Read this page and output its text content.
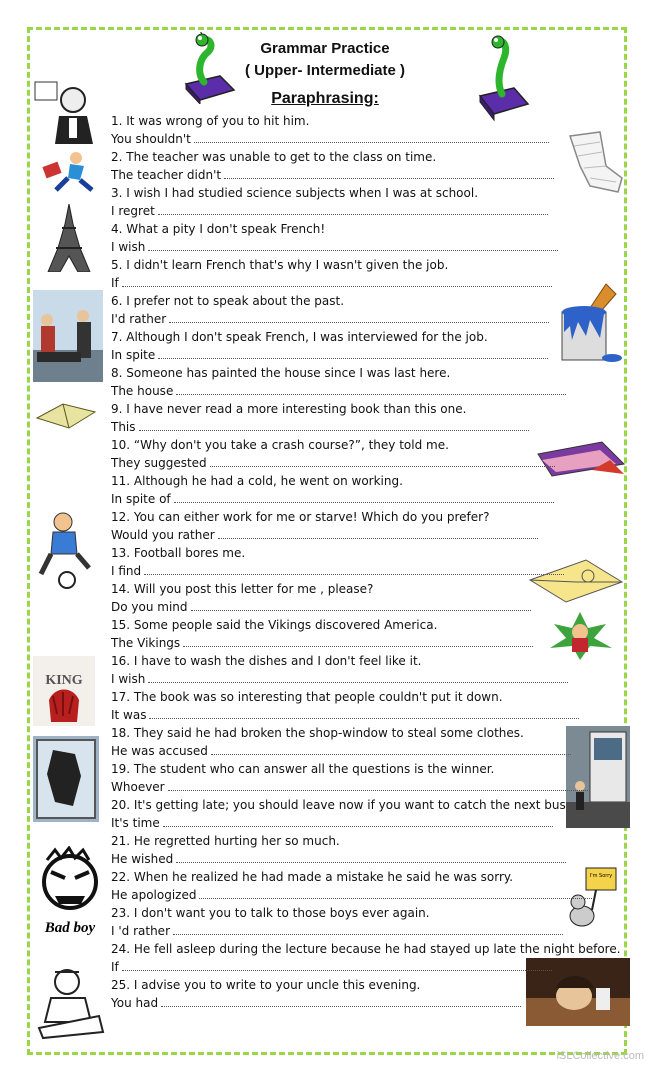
Grammar Practice
( Upper- Intermediate )
Paraphrasing:
KING
Bad boy
I'm Sorry
1. It was wrong of you to hit him.
You shouldn't
2. The teacher was unable to get to the class on time.
The teacher didn't
3. I wish I had studied science subjects when I was at school.
I regret
4. What a pity I don't speak French!
I wish
5. I didn't learn French that's why I wasn't given the job.
If
6. I prefer not to speak about the past.
I'd rather
7. Although I don't speak French, I was interviewed for the job.
In spite
8. Someone has painted the house since I was last here.
The house
9. I have never read a more interesting book than this one.
This
10. “Why don't you take a crash course?”, they told me.
They suggested
11. Although he had a cold, he went on working.
In spite of
12. You can either work for me or starve! Which do you prefer?
Would you rather
13. Football bores me.
I find
14. Will you post this letter for me , please?
Do you mind
15. Some people said the Vikings discovered America.
The Vikings
16. I have to wash the dishes and I don't feel like it.
I wish
17. The book was so interesting that people couldn't put it down.
It was
18. They said he had broken the shop-window to steal some clothes.
He was accused
19. The student who can answer all the questions is the winner.
Whoever
20. It's getting late; you should leave now if you want to catch the next bus
It's time
21. He regretted hurting her so much.
He wished
22. When he realized he had made a mistake he said he was sorry.
He apologized
23. I don't want you to talk to those boys ever again.
I 'd rather
24. He fell asleep during the lecture because he had stayed up late the night before.
If
25. I advise you to write to your uncle this evening.
You had
iSLCollective.com
